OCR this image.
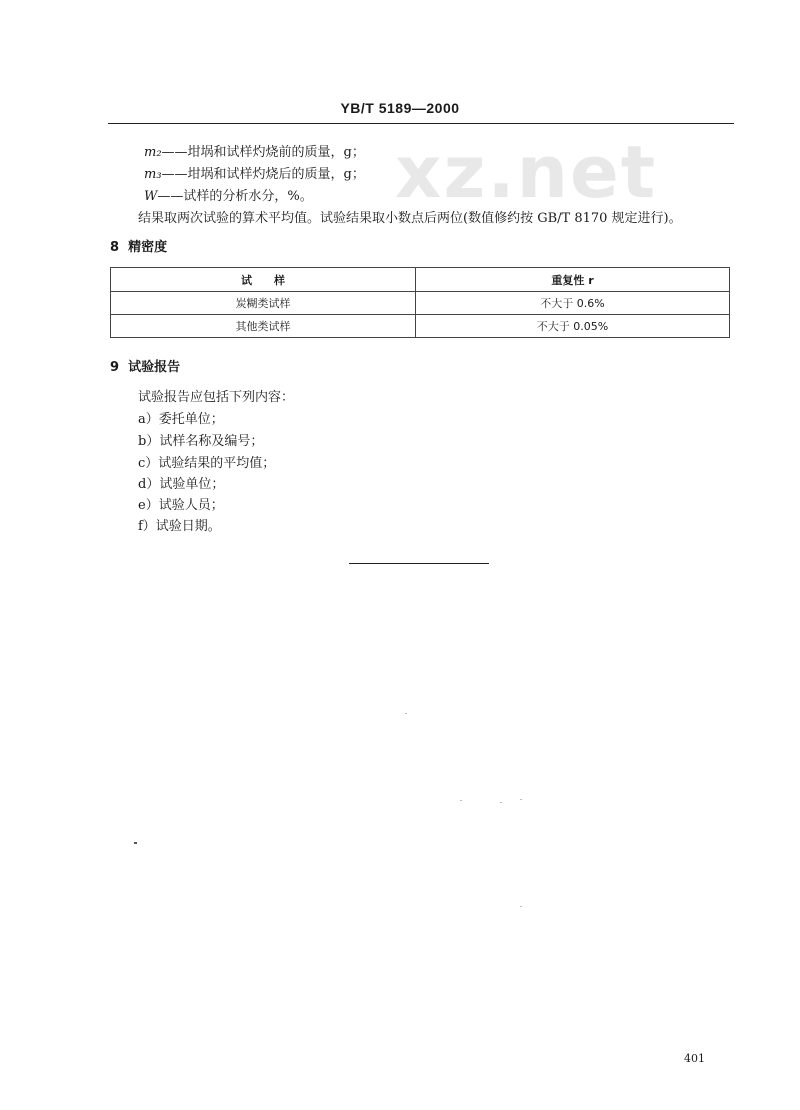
YB/T 5189—2000
xz.net
m₂——坩埚和试样灼烧前的质量，g；
m₃——坩埚和试样灼烧后的质量，g；
W——试样的分析水分，%。
结果取两次试验的算术平均值。试验结果取小数点后两位(数值修约按 GB/T 8170 规定进行)。
8 精密度
试　　样	重复性 r
炭糊类试样	不大于 0.6%
其他类试样	不大于 0.05%
9 试验报告
试验报告应包括下列内容：
a）委托单位；
b）试样名称及编号；
c）试验结果的平均值；
d）试验单位；
e）试验人员；
f）试验日期。
401
